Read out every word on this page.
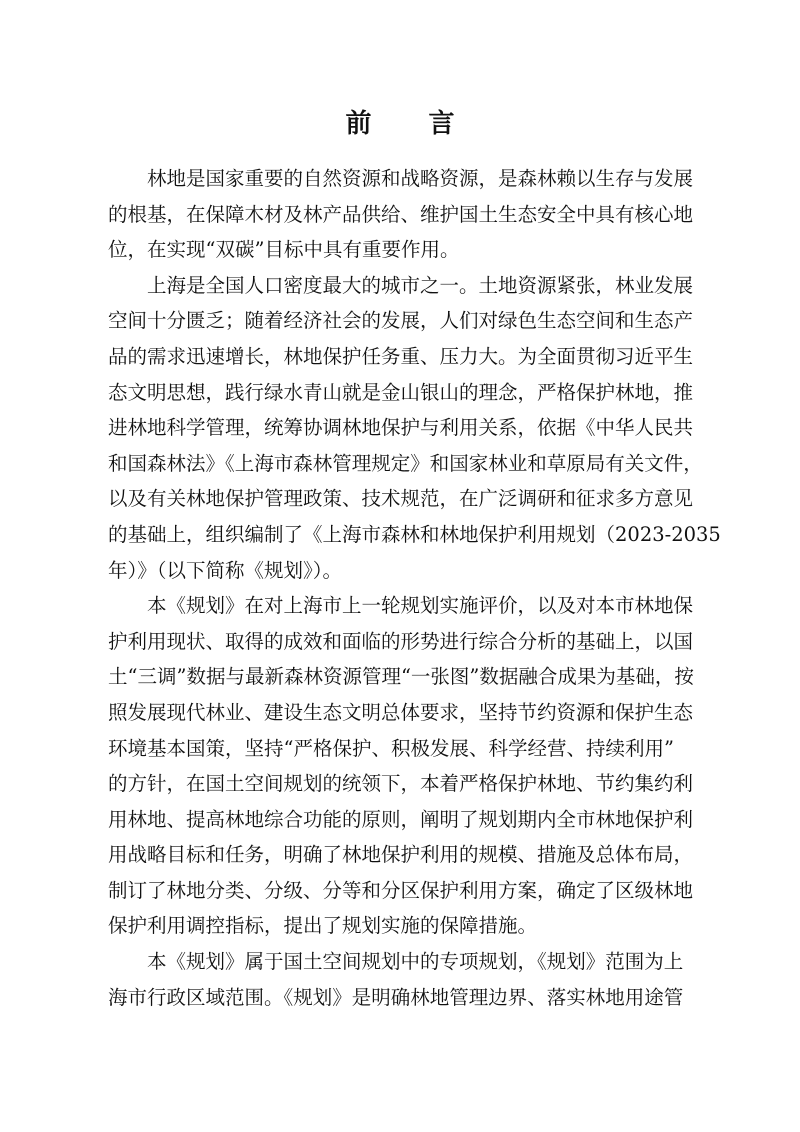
前 言
林地是国家重要的自然资源和战略资源，是森林赖以生存与发展
的根基，在保障木材及林产品供给、维护国土生态安全中具有核心地
位，在实现“双碳”目标中具有重要作用。
上海是全国人口密度最大的城市之一。土地资源紧张，林业发展
空间十分匮乏；随着经济社会的发展，人们对绿色生态空间和生态产
品的需求迅速增长，林地保护任务重、压力大。为全面贯彻习近平生
态文明思想，践行绿水青山就是金山银山的理念，严格保护林地，推
进林地科学管理，统筹协调林地保护与利用关系，依据《中华人民共
和国森林法》《上海市森林管理规定》和国家林业和草原局有关文件，
以及有关林地保护管理政策、技术规范，在广泛调研和征求多方意见
的基础上，组织编制了《上海市森林和林地保护利用规划（2023-2035
年）》（以下简称《规划》）。
本《规划》在对上海市上一轮规划实施评价，以及对本市林地保
护利用现状、取得的成效和面临的形势进行综合分析的基础上，以国
土“三调”数据与最新森林资源管理“一张图”数据融合成果为基础，按
照发展现代林业、建设生态文明总体要求，坚持节约资源和保护生态
环境基本国策，坚持“严格保护、积极发展、科学经营、持续利用”
的方针，在国土空间规划的统领下，本着严格保护林地、节约集约利
用林地、提高林地综合功能的原则，阐明了规划期内全市林地保护利
用战略目标和任务，明确了林地保护利用的规模、措施及总体布局，
制订了林地分类、分级、分等和分区保护利用方案，确定了区级林地
保护利用调控指标，提出了规划实施的保障措施。
本《规划》属于国土空间规划中的专项规划，《规划》范围为上
海市行政区域范围。《规划》是明确林地管理边界、落实林地用途管
